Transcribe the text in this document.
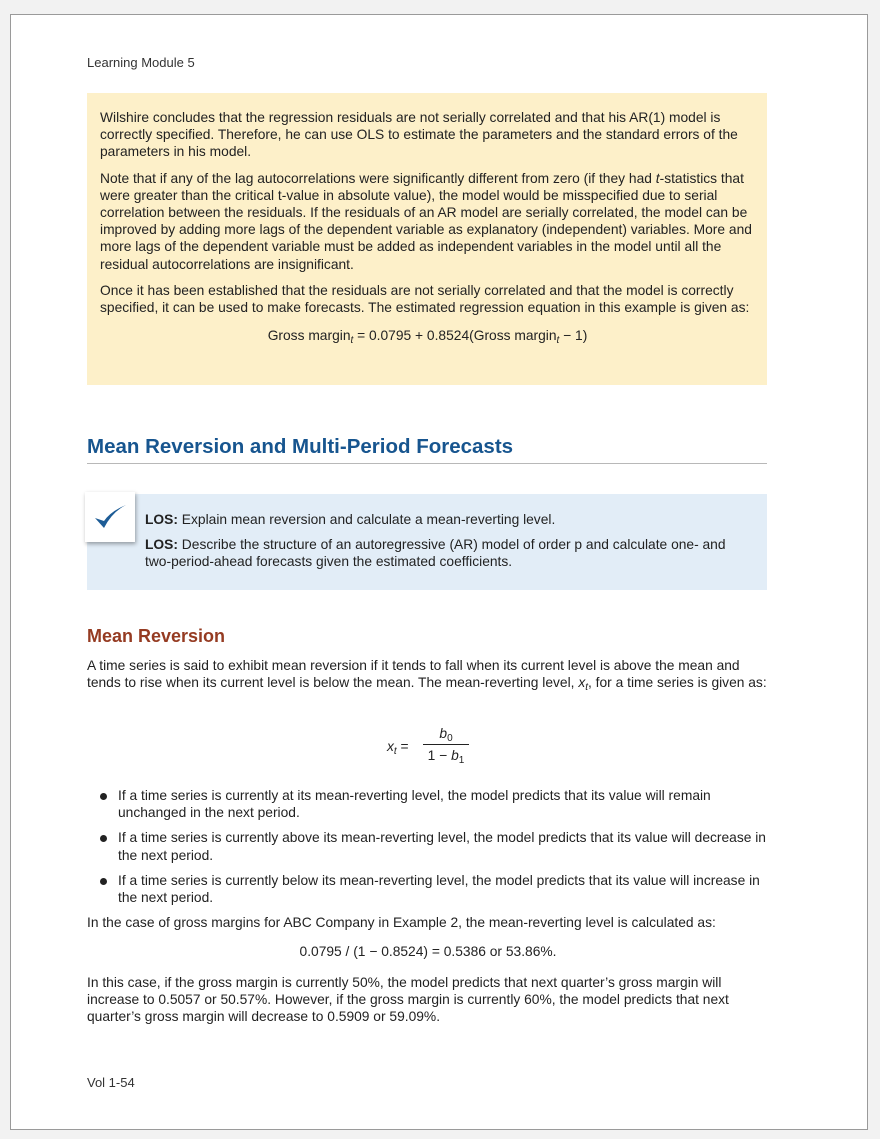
Learning Module 5

Wilshire concludes that the regression residuals are not serially correlated and that his AR(1) model is correctly specified. Therefore, he can use OLS to estimate the parameters and the standard errors of the parameters in his model.

Note that if any of the lag autocorrelations were significantly different from zero (if they had t-statistics that were greater than the critical t-value in absolute value), the model would be misspecified due to serial correlation between the residuals. If the residuals of an AR model are serially correlated, the model can be improved by adding more lags of the dependent variable as explanatory (independent) variables. More and more lags of the dependent variable must be added as independent variables in the model until all the residual autocorrelations are insignificant.

Once it has been established that the residuals are not serially correlated and that the model is correctly specified, it can be used to make forecasts. The estimated regression equation in this example is given as:

Gross margin$_t$ = 0.0795 + 0.8524(Gross margin$_t$ − 1)
Mean Reversion and Multi-Period Forecasts

LOS: Explain mean reversion and calculate a mean-reverting level.

LOS: Describe the structure of an autoregressive (AR) model of order p and calculate one- and two-period-ahead forecasts given the estimated coefficients.

Mean Reversion

A time series is said to exhibit mean reversion if it tends to fall when its current level is above the mean and tends to rise when its current level is below the mean. The mean-reverting level, $x_t$, for a time series is given as:

$x_t$ =
$b_0$
$1 - b_1$
If a time series is currently at its mean-reverting level, the model predicts that its value will remain unchanged in the next period.
If a time series is currently above its mean-reverting level, the model predicts that its value will decrease in the next period.
If a time series is currently below its mean-reverting level, the model predicts that its value will increase in the next period.

In the case of gross margins for ABC Company in Example 2, the mean-reverting level is calculated as:

0.0795 / (1 − 0.8524) = 0.5386 or 53.86%.

In this case, if the gross margin is currently 50%, the model predicts that next quarter’s gross margin will increase to 0.5057 or 50.57%. However, if the gross margin is currently 60%, the model predicts that next quarter’s gross margin will decrease to 0.5909 or 59.09%.

Vol 1-54
